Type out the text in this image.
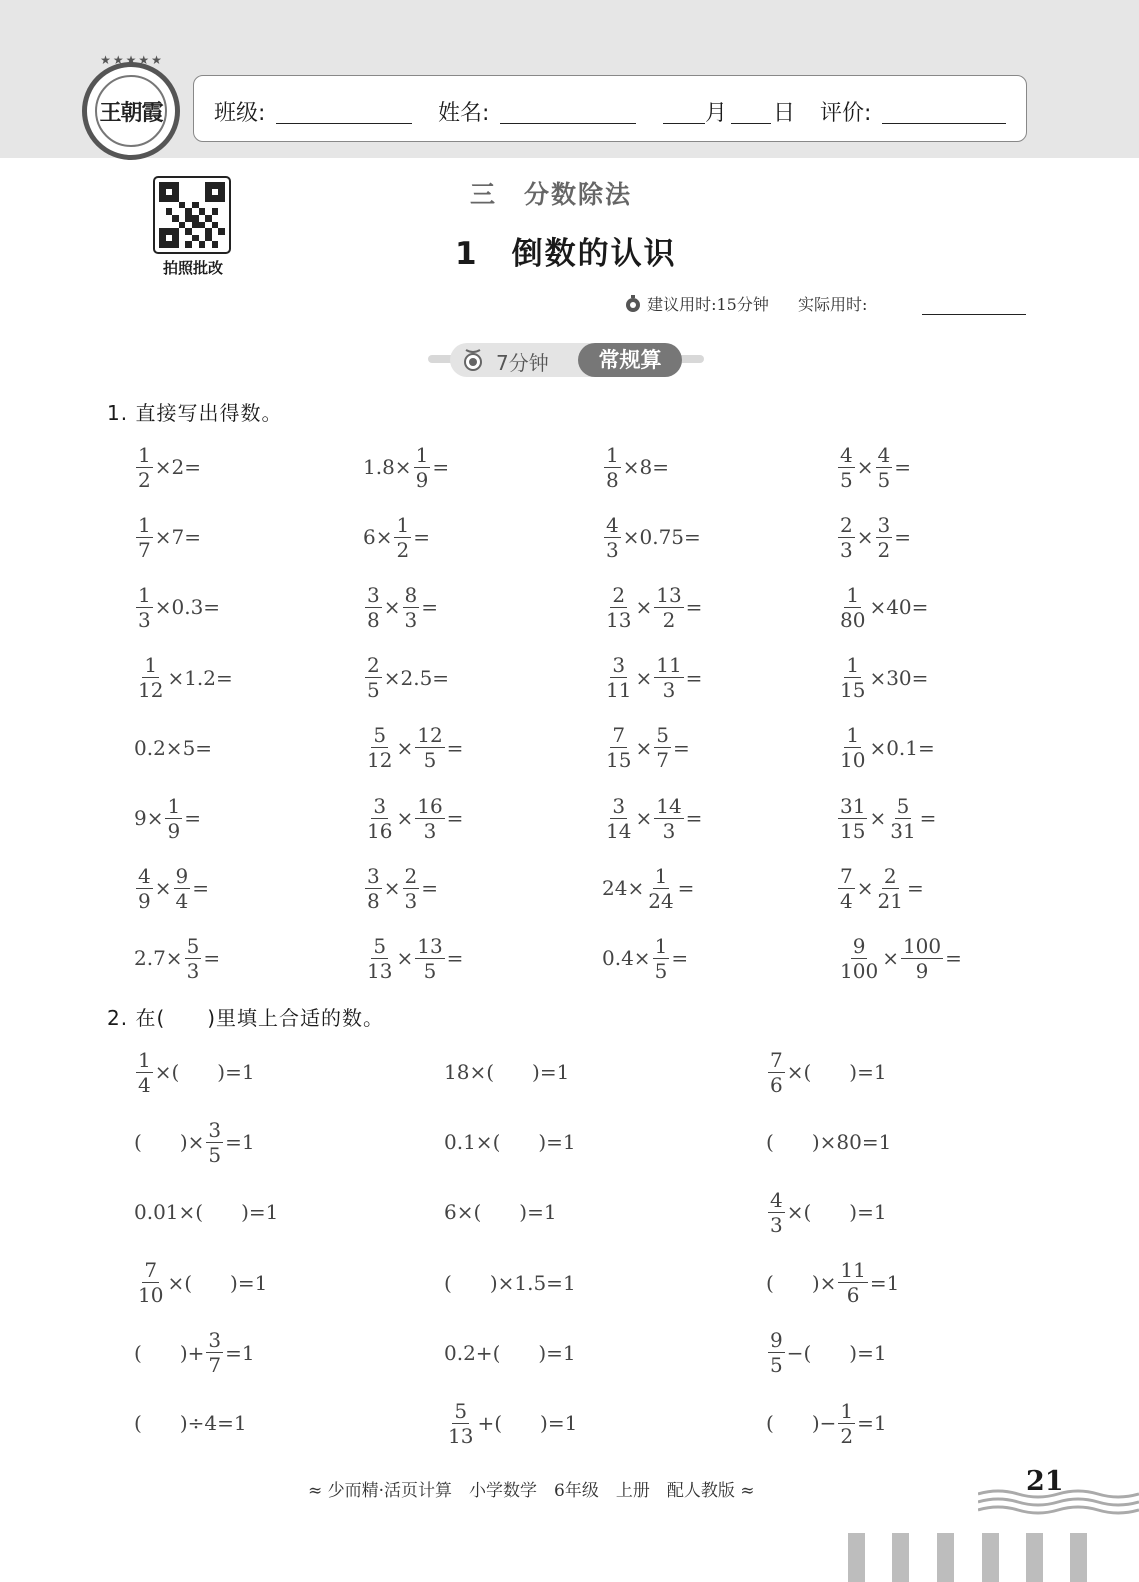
★★★★★
王朝霞 班级:	姓名:	月 日 评价:
拍照批改
三　分数除法
1　倒数的认识
建议用时:15分钟 实际用时:
7分钟	常规算
1. 直接写出得数。
$\frac{1}{2} \times 2=$	$1.8\times \frac{1}{9}$ =	$\frac{1}{8} \times 8=$	$\frac{4}{5} \times \frac{4}{5}$ =
$\frac{1}{7} \times 7=$	$6\times \frac{1}{2}$ =	$\frac{4}{3} \times 0.75=$	$\frac{2}{3} \times \frac{3}{2}$ =
$\frac{1}{3} \times 0.3=$	$\frac{3}{8} \times \frac{8}{3}$ =	$\frac{2}{13} \times \frac{13}{2}$ =	$\frac{1}{80} \times 40=$
$\frac{1}{12} \times 1.2=$	$\frac{2}{5} \times 2.5=$	$\frac{3}{11} \times \frac{11}{3}$ =	$\frac{1}{15} \times 30=$
0.2×5=	$\frac{5}{12} \times \frac{12}{5}$ =	$\frac{7}{15} \times \frac{5}{7}$ =	$\frac{1}{10} \times 0.1=$
$9\times \frac{1}{9}$ =	$\frac{3}{16} \times \frac{16}{3}$ =	$\frac{3}{14} \times \frac{14}{3}$ =	$\frac{31}{15} \times \frac{5}{31}$ =
$\frac{4}{9} \times \frac{9}{4}$ =	$\frac{3}{8} \times \frac{2}{3}$ =	$24\times \frac{1}{24}$ =	$\frac{7}{4} \times \frac{2}{21}$ =
$2.7\times \frac{5}{3}$ =	$\frac{5}{13} \times \frac{13}{5}$ =	$0.4\times \frac{1}{5}$ =	$\frac{9}{100} \times \frac{100}{9}$ =
2. 在(　　)里填上合适的数。
$\frac{1}{4}$ ×( )=1	18×( )=1	$\frac{7}{6}$ ×( )=1
( )× $\frac{3}{5} =1$	0.1×( )=1	( )×80=1
0.01×( )=1	6×( )=1	$\frac{4}{3}$ ×( )=1
$\frac{7}{10}$ ×( )=1	( )×1.5=1	( )× $\frac{11}{6} =1$
( )+ $\frac{3}{7} =1$	0.2+( )=1	$\frac{9}{5}$ −( )=1
( )÷4=1	$\frac{5}{13}$ +( )=1	( )− $\frac{1}{2} =1$
≈ 少而精·活页计算　小学数学　6年级　上册　配人教版 ≈	21
